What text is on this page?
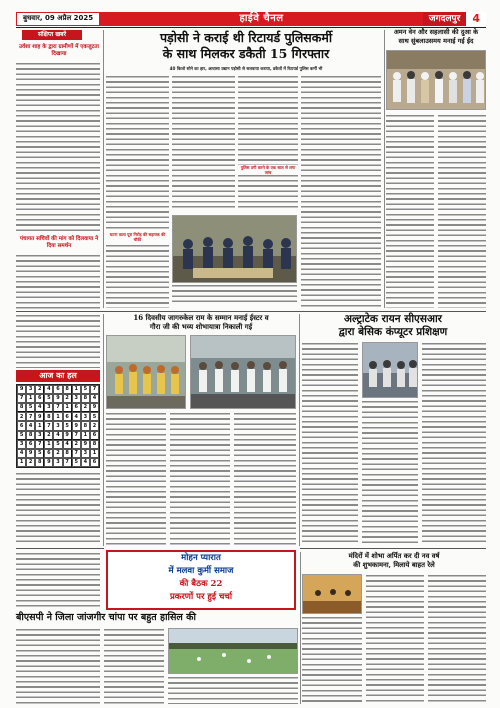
बुधवार, 09 अप्रैल 2025	हाईवे चैनल	जगदलपुर	4
संक्षिप्त खबरें
उर्वशा शाह के द्वारा ग्रामीणों में एकजुटता दिखाया
पंचायत सचिवों की मांग को दिलवाया ने दिया समर्थन
पड़ोसी ने कराई थी रिटायर्ड पुलिसकर्मी
के साथ मिलकर डकैती 15 गिरफ्तार
40 किलो सोने का हार, आवासा उद्यान पड़ोसी से सलवाया कराया, डकैतों में रिटायर्ड पुलिस कर्मी भी
घटना वाला पूरा गिरोह की सहायक की चौकी
पुलिस ठगी करने के एक साल से लगा जांच
अमन वेन और सहलासी की दुआ के
साथ सुंबलाउसमय मनाई गई ईद
आज का हल
9	3	2	4	6	8	1	5	7
7	1	6	5	9	2	3	8	4
8	5	4	3	7	1	6	2	9
2	7	9	8	1	6	4	3	5
6	4	1	7	3	5	9	8	2
5	8	3	2	4	9	7	1	6
3	6	7	1	5	4	2	9	8
4	9	5	6	2	8	7	3	1
1	2	8	9	3	7	5	4	6
16 दिवसीय जागरुकेल राम के सम्मान मनाई ईस्टर व
गौरा जी की भव्य शोभायात्रा निकाली गई
अल्ट्राटेक रायन सीएसआर
द्वारा बेसिक कंप्यूटर प्रशिक्षण
मोहन प्यारात
में मलवा कुर्मी समाज
की बैठक 22
प्रकरणों पर हुई चर्चा
बीएसपी ने जिला जांजगीर चांपा पर बहुत हासिल की
मंदिरों में शोभा अर्पित कर दी नव वर्ष
की शुभकामना, मिलाये बाहत रेले
